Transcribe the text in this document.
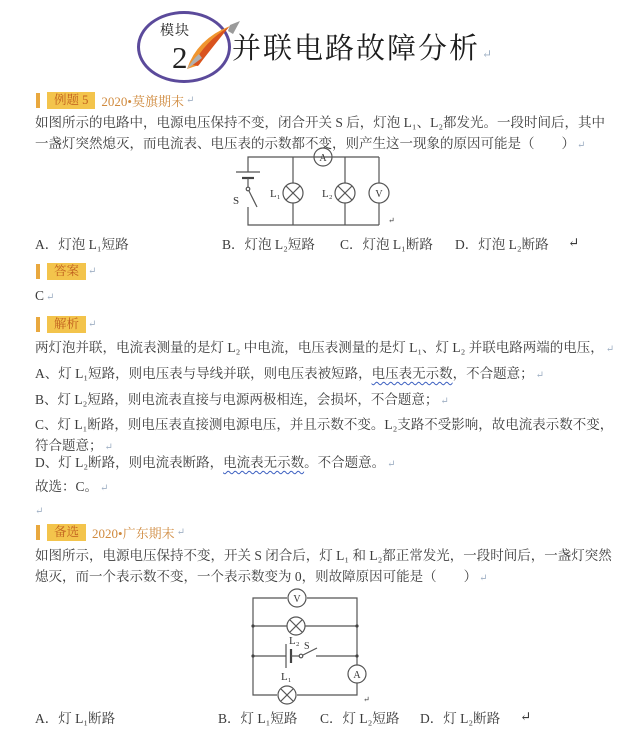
模块
2 并联电路故障分析 ↵
例题 5	2020•莫旗期末 ↵
如图所示的电路中，电源电压保持不变，闭合开关 S 后，灯泡 L₁、L₂都发光。一段时间后，其中一盏灯突然熄灭，而电流表、电压表的示数都不变，则产生这一现象的原因可能是（　　） ↵
S
L₁
A
L₂	V
↵
A．灯泡 L₁短路	B．灯泡 L₂短路 C．灯泡 L₁断路 D．灯泡 L₂断路 ↵
答案 ↵
C ↵
解析 ↵
两灯泡并联，电流表测量的是灯 L₂ 中电流，电压表测量的是灯 L₁、灯 L₂ 并联电路两端的电压， ↵
A、灯 L₁短路，则电压表与导线并联，则电压表被短路，电压表无示数，不合题意； ↵
B、灯 L₂短路，则电流表直接与电源两极相连，会损坏，不合题意； ↵
C、灯 L₁断路，则电压表直接测电源电压，并且示数不变。L₂支路不受影响，故电流表示数不变，符合题意； ↵
D、灯 L₂断路，则电流表断路，电流表无示数。不合题意。 ↵
故选：C。 ↵
↵
备选	2020•广东期末 ↵
如图所示，电源电压保持不变，开关 S 闭合后，灯 L₁ 和 L₂都正常发光，一段时间后，一盏灯突然熄灭，而一个表示数不变，一个表示数变为 0，则故障原因可能是（　　） ↵
V
L₂ S
A
L₁
↵
A．灯 L₁断路	B．灯 L₁短路 C．灯 L₂短路 D．灯 L₂断路 ↵
